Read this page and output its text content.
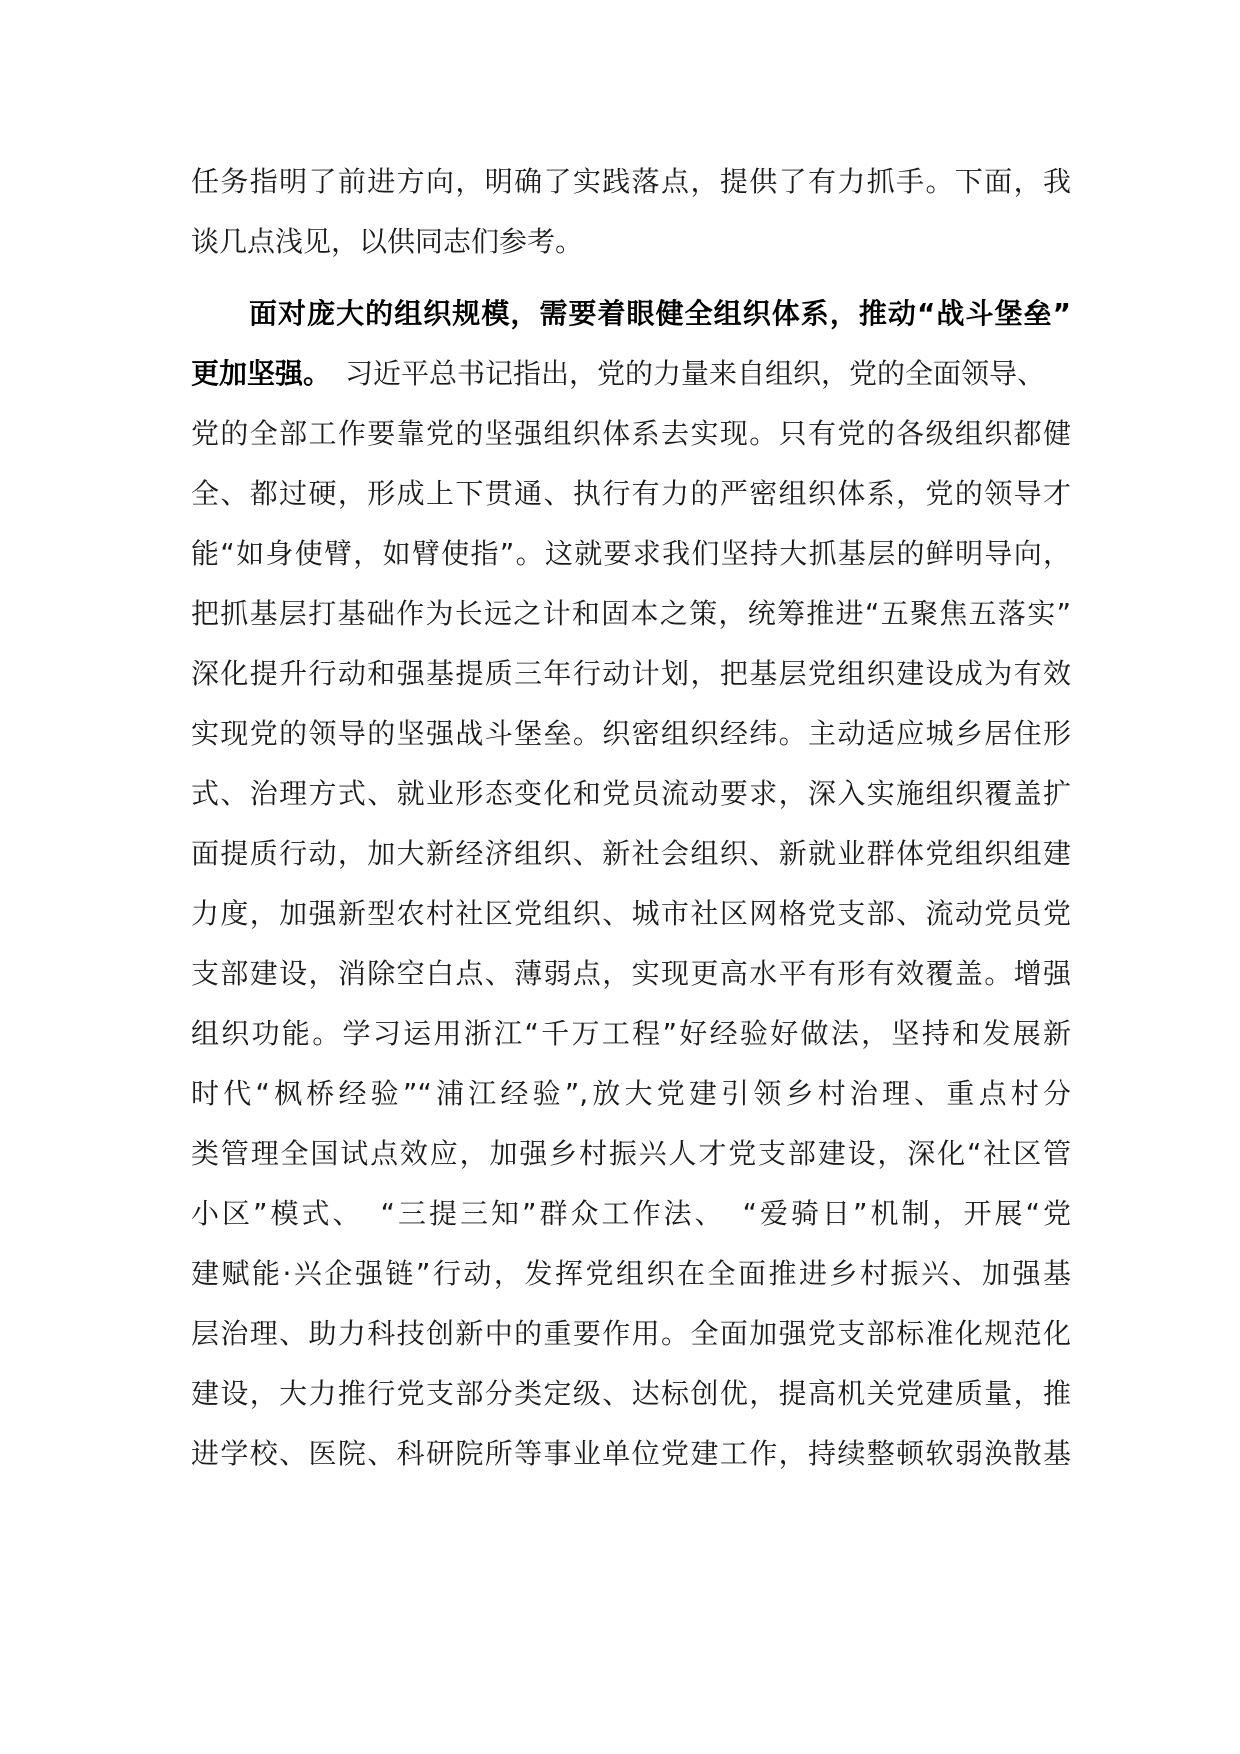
任务指明了前进方向，明确了实践落点，提供了有力抓手。下面，我
谈几点浅见，以供同志们参考。
面对庞大的组织规模，需要着眼健全组织体系，推动“战斗堡垒”
更加坚强。　习近平总书记指出，党的力量来自组织，党的全面领导、
党的全部工作要靠党的坚强组织体系去实现。只有党的各级组织都健
全、都过硬，形成上下贯通、执行有力的严密组织体系，党的领导才
能“如身使臂，如臂使指”。这就要求我们坚持大抓基层的鲜明导向，
把抓基层打基础作为长远之计和固本之策，统筹推进“五聚焦五落实”
深化提升行动和强基提质三年行动计划，把基层党组织建设成为有效
实现党的领导的坚强战斗堡垒。织密组织经纬。主动适应城乡居住形
式、治理方式、就业形态变化和党员流动要求，深入实施组织覆盖扩
面提质行动，加大新经济组织、新社会组织、新就业群体党组织组建
力度，加强新型农村社区党组织、城市社区网格党支部、流动党员党
支部建设，消除空白点、薄弱点，实现更高水平有形有效覆盖。增强
组织功能。学习运用浙江“千万工程”好经验好做法，坚持和发展新
时代“枫桥经验”“浦江经验”,放大党建引领乡村治理、重点村分
类管理全国试点效应，加强乡村振兴人才党支部建设，深化“社区管
小区”模式、　“三提三知”群众工作法、　“爱骑日”机制，开展“党
建赋能·兴企强链”行动，发挥党组织在全面推进乡村振兴、加强基
层治理、助力科技创新中的重要作用。全面加强党支部标准化规范化
建设，大力推行党支部分类定级、达标创优，提高机关党建质量，推
进学校、医院、科研院所等事业单位党建工作，持续整顿软弱涣散基
